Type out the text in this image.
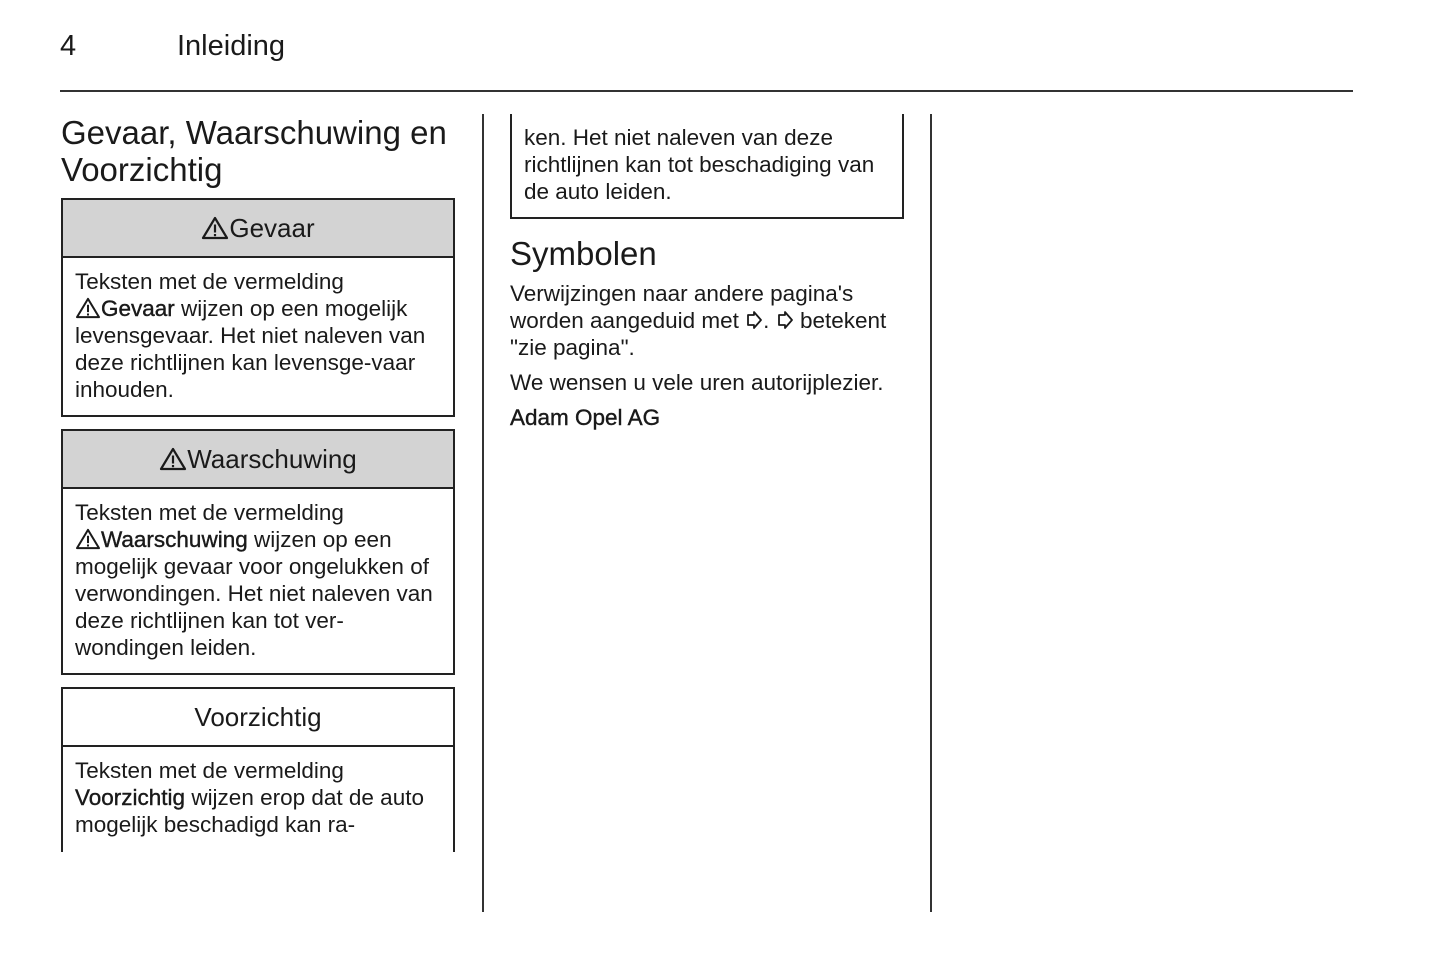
4	Inleiding
Gevaar, Waarschuwing en Voorzichtig
Gevaar
Teksten met de vermelding
Gevaar wijzen op een mogelijk levensgevaar. Het niet naleven van deze richtlijnen kan levensge-vaar inhouden.
Waarschuwing
Teksten met de vermelding
Waarschuwing wijzen op een mogelijk gevaar voor ongelukken of verwondingen. Het niet naleven van deze richtlijnen kan tot ver-wondingen leiden.
Voorzichtig
Teksten met de vermelding
Voorzichtig wijzen erop dat de auto mogelijk beschadigd kan ra-
ken. Het niet naleven van deze richtlijnen kan tot beschadiging van de auto leiden.
Symbolen

Verwijzingen naar andere pagina's worden aangeduid met .  betekent "zie pagina".

We wensen u vele uren autorijplezier.

Adam Opel AG
